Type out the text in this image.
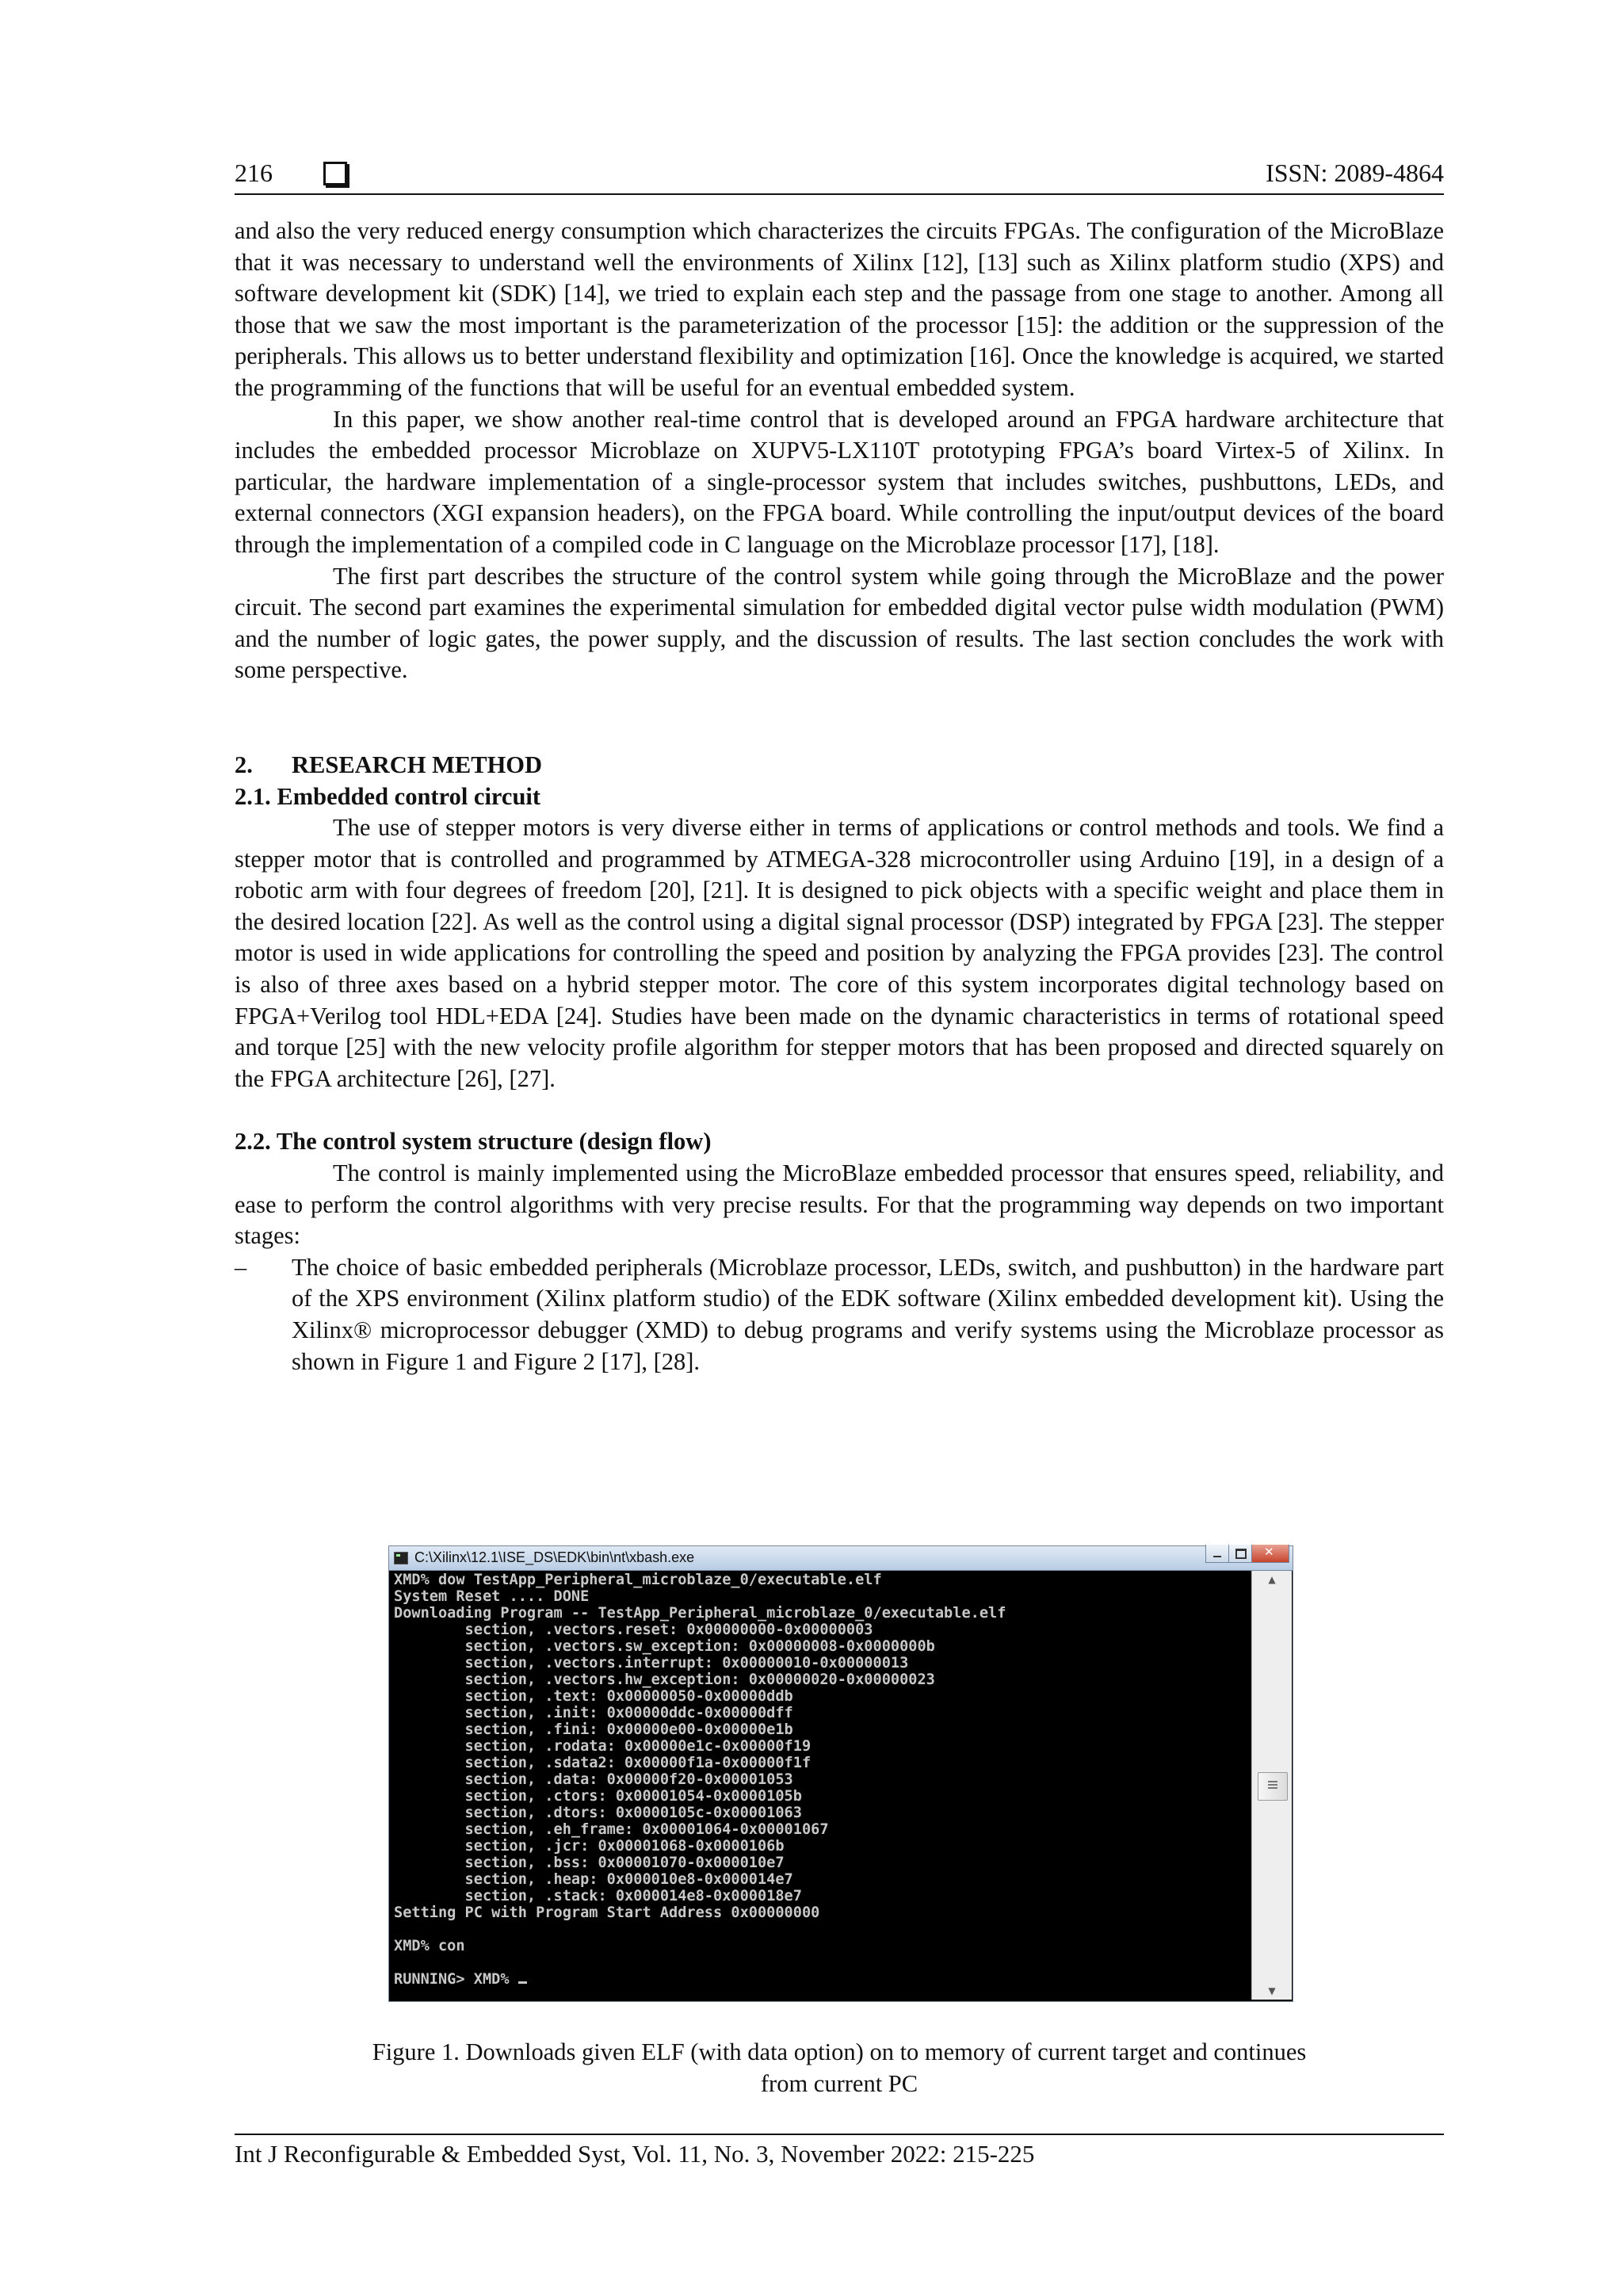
216	ISSN: 2089-4864

and also the very reduced energy consumption which characterizes the circuits FPGAs. The configuration of the MicroBlaze that it was necessary to understand well the environments of Xilinx [12], [13] such as Xilinx platform studio (XPS) and software development kit (SDK) [14], we tried to explain each step and the passage from one stage to another. Among all those that we saw the most important is the parameterization of the processor [15]: the addition or the suppression of the peripherals. This allows us to better understand flexibility and optimization [16]. Once the knowledge is acquired, we started the programming of the functions that will be useful for an eventual embedded system.

In this paper, we show another real-time control that is developed around an FPGA hardware architecture that includes the embedded processor Microblaze on XUPV5-LX110T prototyping FPGA’s board Virtex-5 of Xilinx. In particular, the hardware implementation of a single-processor system that includes switches, pushbuttons, LEDs, and external connectors (XGI expansion headers), on the FPGA board. While controlling the input/output devices of the board through the implementation of a compiled code in C language on the Microblaze processor [17], [18].

The first part describes the structure of the control system while going through the MicroBlaze and the power circuit. The second part examines the experimental simulation for embedded digital vector pulse width modulation (PWM) and the number of logic gates, the power supply, and the discussion of results. The last section concludes the work with some perspective.

2. RESEARCH METHOD

2.1. Embedded control circuit

The use of stepper motors is very diverse either in terms of applications or control methods and tools. We find a stepper motor that is controlled and programmed by ATMEGA-328 microcontroller using Arduino [19], in a design of a robotic arm with four degrees of freedom [20], [21]. It is designed to pick objects with a specific weight and place them in the desired location [22]. As well as the control using a digital signal processor (DSP) integrated by FPGA [23]. The stepper motor is used in wide applications for controlling the speed and position by analyzing the FPGA provides [23]. The control is also of three axes based on a hybrid stepper motor. The core of this system incorporates digital technology based on FPGA+Verilog tool HDL+EDA [24]. Studies have been made on the dynamic characteristics in terms of rotational speed and torque [25] with the new velocity profile algorithm for stepper motors that has been proposed and directed squarely on the FPGA architecture [26], [27].

2.2. The control system structure (design flow)

The control is mainly implemented using the MicroBlaze embedded processor that ensures speed, reliability, and ease to perform the control algorithms with very precise results. For that the programming way depends on two important stages:

– The choice of basic embedded peripherals (Microblaze processor, LEDs, switch, and pushbutton) in the hardware part of the XPS environment (Xilinx platform studio) of the EDK software (Xilinx embedded development kit). Using the Xilinx® microprocessor debugger (XMD) to debug programs and verify systems using the Microblaze processor as shown in Figure 1 and Figure 2 [17], [28].

C:\Xilinx\12.1\ISE_DS\EDK\bin\nt\xbash.exe
✕
XMD% dow TestApp_Peripheral_microblaze_0/executable.elf
System Reset .... DONE
Downloading Program -- TestApp_Peripheral_microblaze_0/executable.elf
section, .vectors.reset: 0x00000000-0x00000003
section, .vectors.sw_exception: 0x00000008-0x0000000b
section, .vectors.interrupt: 0x00000010-0x00000013
section, .vectors.hw_exception: 0x00000020-0x00000023
section, .text: 0x00000050-0x00000ddb
section, .init: 0x00000ddc-0x00000dff
section, .fini: 0x00000e00-0x00000e1b
section, .rodata: 0x00000e1c-0x00000f19
section, .sdata2: 0x00000f1a-0x00000f1f
section, .data: 0x00000f20-0x00001053
section, .ctors: 0x00001054-0x0000105b
section, .dtors: 0x0000105c-0x00001063
section, .eh_frame: 0x00001064-0x00001067
section, .jcr: 0x00001068-0x0000106b
section, .bss: 0x00001070-0x000010e7
section, .heap: 0x000010e8-0x000014e7
section, .stack: 0x000014e8-0x000018e7
Setting PC with Program Start Address 0x00000000

XMD% con

RUNNING> XMD%
▲
▼
Figure 1. Downloads given ELF (with data option) on to memory of current target and continues
from current PC
Int J Reconfigurable & Embedded Syst, Vol. 11, No. 3, November 2022: 215-225
